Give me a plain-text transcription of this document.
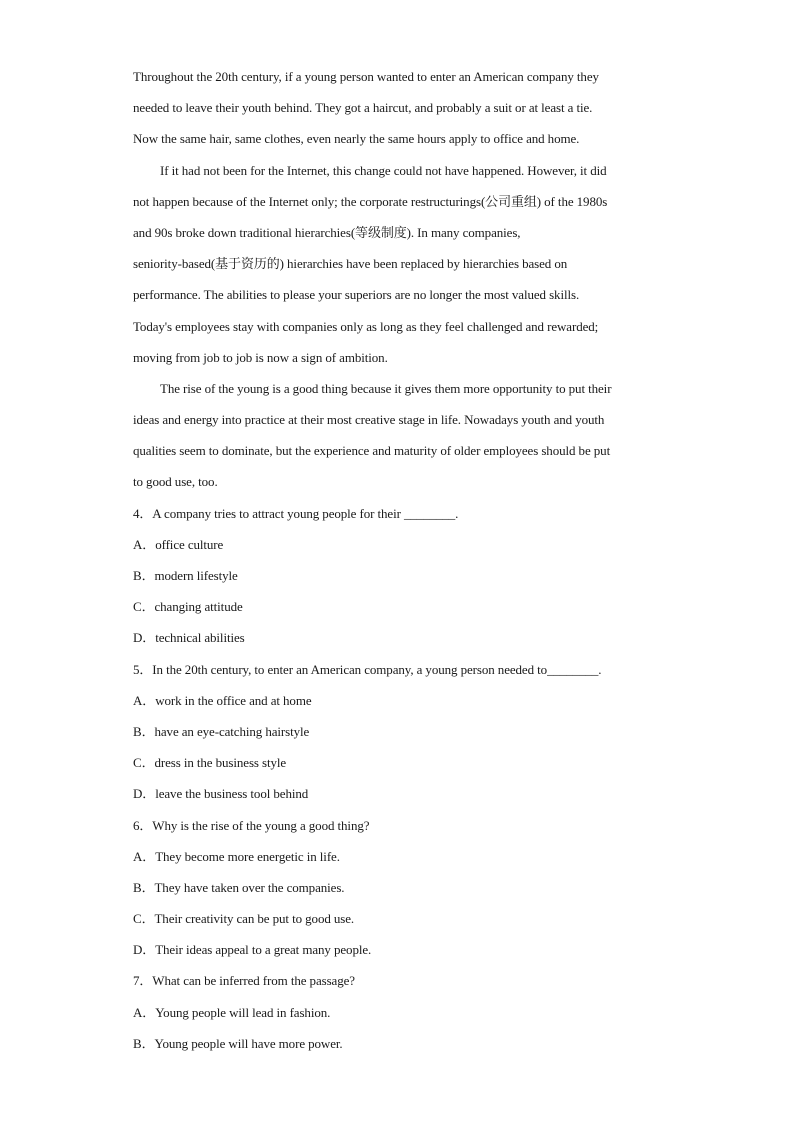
Throughout the 20th century, if a young person wanted to enter an American company they
needed to leave their youth behind. They got a haircut, and probably a suit or at least a tie.
Now the same hair, same clothes, even nearly the same hours apply to office and home.
If it had not been for the Internet, this change could not have happened. However, it did
not happen because of the Internet only; the corporate restructurings(公司重组) of the 1980s
and 90s broke down traditional hierarchies(等级制度). In many companies,
seniority-based(基于资历的) hierarchies have been replaced by hierarchies based on
performance. The abilities to please your superiors are no longer the most valued skills.
Today's employees stay with companies only as long as they feel challenged and rewarded;
moving from job to job is now a sign of ambition.
The rise of the young is a good thing because it gives them more opportunity to put their
ideas and energy into practice at their most creative stage in life. Nowadays youth and youth
qualities seem to dominate, but the experience and maturity of older employees should be put
to good use, too.
4．A company tries to attract young people for their ________.
A．office culture
B．modern lifestyle
C．changing attitude
D．technical abilities
5．In the 20th century, to enter an American company, a young person needed to________.
A．work in the office and at home
B．have an eye-catching hairstyle
C．dress in the business style
D．leave the business tool behind
6．Why is the rise of the young a good thing?
A．They become more energetic in life.
B．They have taken over the companies.
C．Their creativity can be put to good use.
D．Their ideas appeal to a great many people.
7．What can be inferred from the passage?
A．Young people will lead in fashion.
B．Young people will have more power.
